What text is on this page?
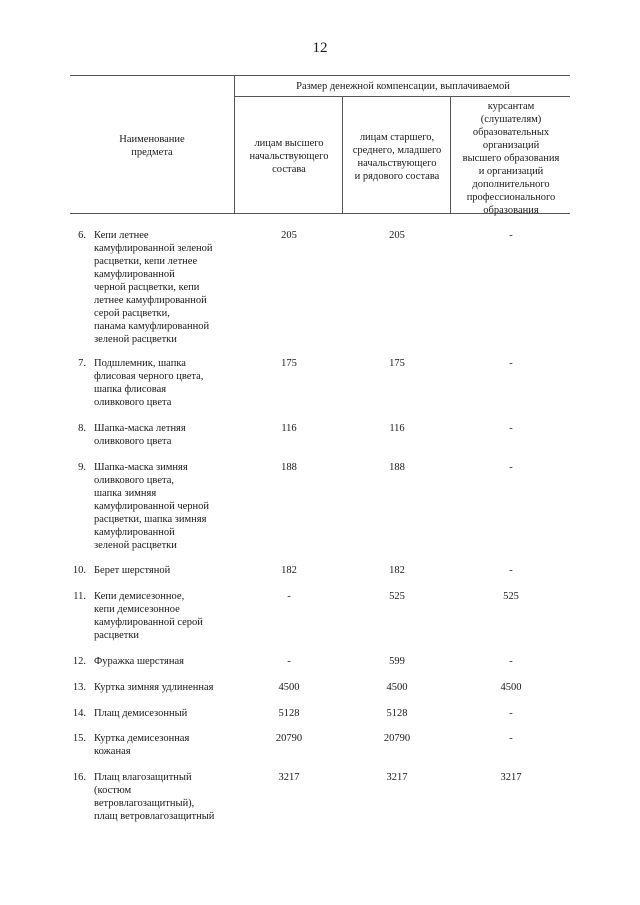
12
Наименование
предмета
Размер денежной компенсации, выплачиваемой
лицам высшего
начальствующего
состава
лицам старшего,
среднего, младшего
начальствующего
и рядового состава
курсантам
(слушателям)
образовательных
организаций
высшего образования
и организаций
дополнительного
профессионального
образования
6. Кепи летнее
камуфлированной зеленой
расцветки, кепи летнее
камуфлированной
черной расцветки, кепи
летнее камуфлированной
серой расцветки,
панама камуфлированной
зеленой расцветки
205	205	-
7. Подшлемник, шапка
флисовая черного цвета,
шапка флисовая
оливкового цвета
175	175	-
8. Шапка-маска летняя
оливкового цвета
116	116	-
9. Шапка-маска зимняя
оливкового цвета,
шапка зимняя
камуфлированной черной
расцветки, шапка зимняя
камуфлированной
зеленой расцветки
188	188	-
10. Берет шерстяной	182	182	-
11. Кепи демисезонное,
кепи демисезонное
камуфлированной серой
расцветки
-	525	525
12. Фуражка шерстяная	-	599	-
13. Куртка зимняя удлиненная	4500	4500	4500
14. Плащ демисезонный	5128	5128	-
15. Куртка демисезонная
кожаная
20790	20790	-
16. Плащ влагозащитный
(костюм
ветровлагозащитный),
плащ ветровлагозащитный
3217	3217	3217
